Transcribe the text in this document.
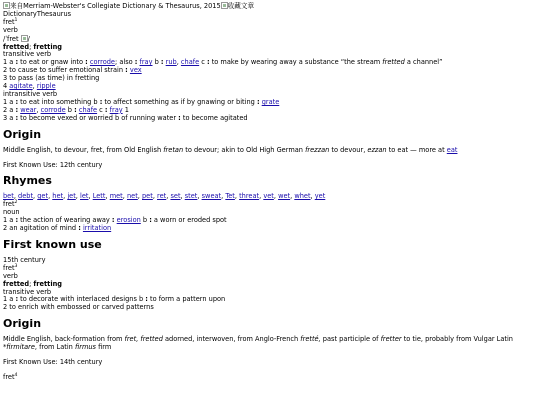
来自Merriam-Webster's Collegiate Dictionary & Thesaurus, 2015 收藏文章
DictionaryThesaurus
fret$^1$
verb
/ˈfret /
fretted; fretting
transitive verb
1 a : to eat or gnaw into : corrode; also : fray b : rub, chafe c : to make by wearing away a substance “the stream fretted a channel”
2 to cause to suffer emotional strain : vex
3 to pass (as time) in fretting
4 agitate, ripple
intransitive verb
1 a : to eat into something b : to affect something as if by gnawing or biting : grate
2 a : wear, corrode b : chafe c : fray 1
3 a : to become vexed or worried b of running water : to become agitated
Origin
Middle English, to devour, fret, from Old English fretan to devour; akin to Old High German frezzan to devour, ezzan to eat — more at eat
First Known Use: 12th century
Rhymes
bet, debt, get, het, jet, let, Lett, met, net, pet, ret, set, stet, sweat, Tet, threat, vet, wet, whet, yet
fret$^2$
noun
1 a : the action of wearing away : erosion b : a worn or eroded spot
2 an agitation of mind : irritation
First known use
15th century
fret$^3$
verb
fretted; fretting
transitive verb
1 a : to decorate with interlaced designs b : to form a pattern upon
2 to enrich with embossed or carved patterns
Origin
Middle English, back-formation from fret, fretted adorned, interwoven, from Anglo-French fretté, past participle of fretter to tie, probably from Vulgar Latin
*firmitare, from Latin firmus firm
First Known Use: 14th century
fret$^4$
